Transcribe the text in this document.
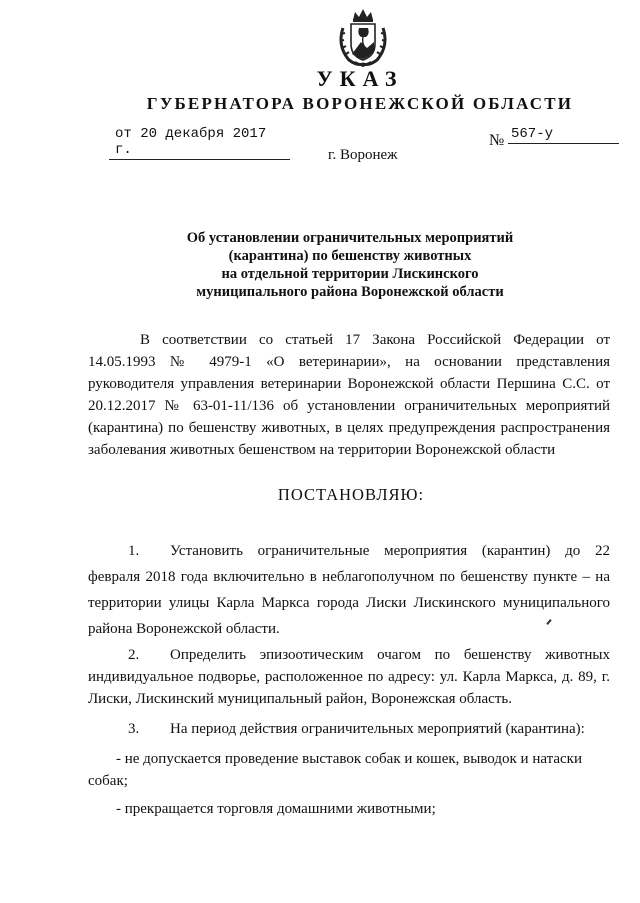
УКАЗ
ГУБЕРНАТОРА ВОРОНЕЖСКОЙ ОБЛАСТИ
от 20 декабря 2017 г.
№ 567-у
г. Воронеж
Об установлении ограничительных мероприятий
(карантина) по бешенству животных
на отдельной территории Лискинского
муниципального района Воронежской области
В соответствии со статьей 17 Закона Российской Федерации от 14.05.1993 № 4979-1 «О ветеринарии», на основании представления руководителя управления ветеринарии Воронежской области Першина С.С. от 20.12.2017 № 63-01-11/136 об установлении ограничительных мероприятий (карантина) по бешенству животных, в целях предупреждения распространения заболевания животных бешенством на территории Воронежской области
ПОСТАНОВЛЯЮ:
1. Установить ограничительные мероприятия (карантин) до 22 февраля 2018 года включительно в неблагополучном по бешенству пункте – на территории улицы Карла Маркса города Лиски Лискинского муниципального района Воронежской области.
2. Определить эпизоотическим очагом по бешенству животных индивидуальное подворье, расположенное по адресу: ул. Карла Маркса, д. 89, г. Лиски, Лискинский муниципальный район, Воронежская область.
3. На период действия ограничительных мероприятий (карантина):
- не допускается проведение выставок собак и кошек, выводок и натаски собак;
- прекращается торговля домашними животными;
